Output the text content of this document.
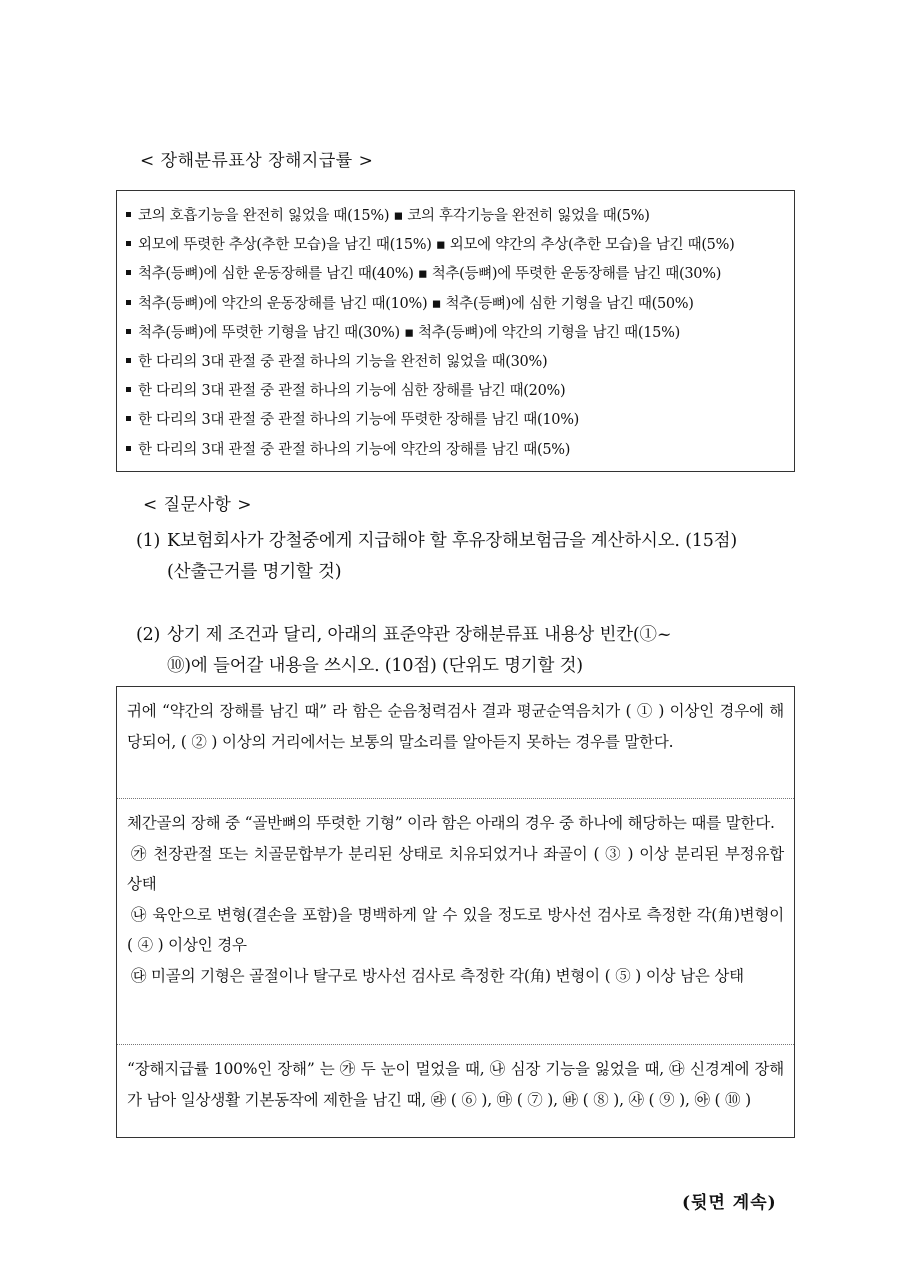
< 장해분류표상 장해지급률 >
코의 호흡기능을 완전히 잃었을 때(15%) ▪ 코의 후각기능을 완전히 잃었을 때(5%)
외모에 뚜렷한 추상(추한 모습)을 남긴 때(15%) ▪ 외모에 약간의 추상(추한 모습)을 남긴 때(5%)
척추(등뼈)에 심한 운동장해를 남긴 때(40%) ▪ 척추(등뼈)에 뚜렷한 운동장해를 남긴 때(30%)
척추(등뼈)에 약간의 운동장해를 남긴 때(10%) ▪ 척추(등뼈)에 심한 기형을 남긴 때(50%)
척추(등뼈)에 뚜렷한 기형을 남긴 때(30%) ▪ 척추(등뼈)에 약간의 기형을 남긴 때(15%)
한 다리의 3대 관절 중 관절 하나의 기능을 완전히 잃었을 때(30%)
한 다리의 3대 관절 중 관절 하나의 기능에 심한 장해를 남긴 때(20%)
한 다리의 3대 관절 중 관절 하나의 기능에 뚜렷한 장해를 남긴 때(10%)
한 다리의 3대 관절 중 관절 하나의 기능에 약간의 장해를 남긴 때(5%)
< 질문사항 >
(1) K보험회사가 강철중에게 지급해야 할 후유장해보험금을 계산하시오. (15점)
(산출근거를 명기할 것)
(2) 상기 제 조건과 달리, 아래의 표준약관 장해분류표 내용상 빈칸(①~
⑩)에 들어갈 내용을 쓰시오. (10점) (단위도 명기할 것)

귀에 “약간의 장해를 남긴 때” 라 함은 순음청력검사 결과 평균순역음치가 ( ① ) 이상인 경우에 해당되어, ( ② ) 이상의 거리에서는 보통의 말소리를 알아듣지 못하는 경우를 말한다.

체간골의 장해 중 “골반뼈의 뚜렷한 기형” 이라 함은 아래의 경우 중 하나에 해당하는 때를 말한다.

㉮ 천장관절 또는 치골문합부가 분리된 상태로 치유되었거나 좌골이 ( ③ ) 이상 분리된 부정유합 상태

㉯ 육안으로 변형(결손을 포함)을 명백하게 알 수 있을 정도로 방사선 검사로 측정한 각(角)변형이 ( ④ ) 이상인 경우

㉰ 미골의 기형은 골절이나 탈구로 방사선 검사로 측정한 각(角) 변형이 ( ⑤ ) 이상 남은 상태

“장해지급률 100%인 장해” 는 ㉮ 두 눈이 멀었을 때, ㉯ 심장 기능을 잃었을 때, ㉰ 신경계에 장해가 남아 일상생활 기본동작에 제한을 남긴 때, ㉱ ( ⑥ ), ㉲ ( ⑦ ), ㉳ ( ⑧ ), ㉴ ( ⑨ ), ㉵ ( ⑩ )

(뒷면 계속)
